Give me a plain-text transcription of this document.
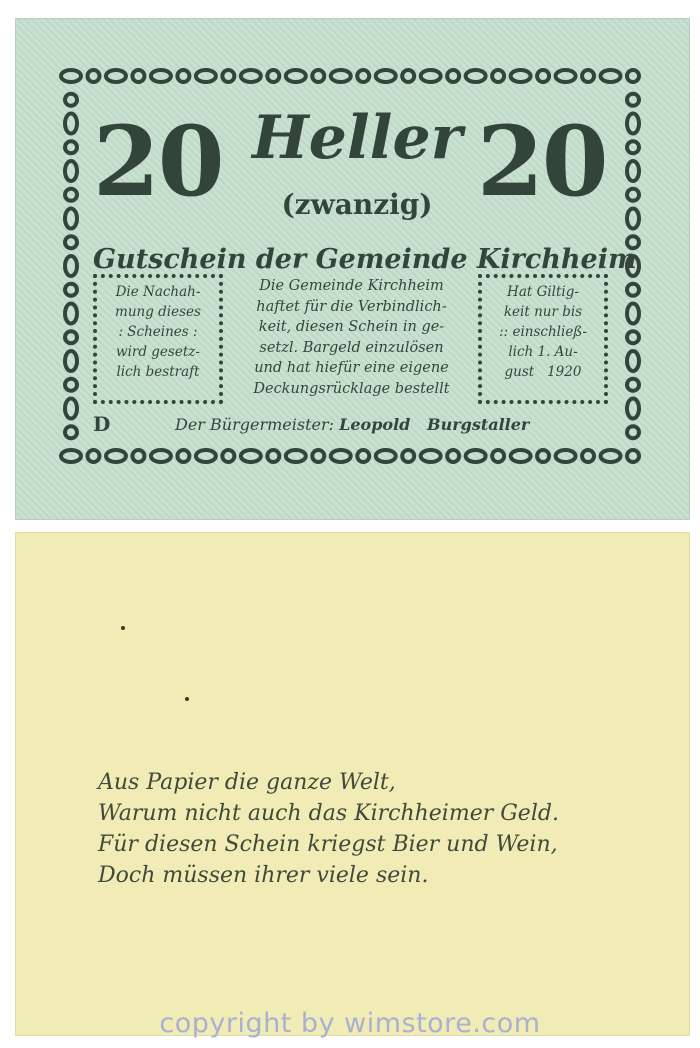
20	20
Heller
(zwanzig)
Gutschein der Gemeinde Kirchheim
Die Nachah-
mung dieses
: Scheines :
wird gesetz-
lich bestraft
Die Gemeinde Kirchheim
haftet für die Verbindlich-
keit, diesen Schein in ge-
setzl. Bargeld einzulösen
und hat hiefür eine eigene
Deckungsrücklage bestellt
Hat Giltig-
keit nur bis
:: einschließ-
lich 1. Au-
gust   1920
D	Der Bürgermeister: Leopold   Burgstaller
Aus Papier die ganze Welt,
Warum nicht auch das Kirchheimer Geld.
Für diesen Schein kriegst Bier und Wein,
Doch müssen ihrer viele sein.
copyright by wimstore.com
